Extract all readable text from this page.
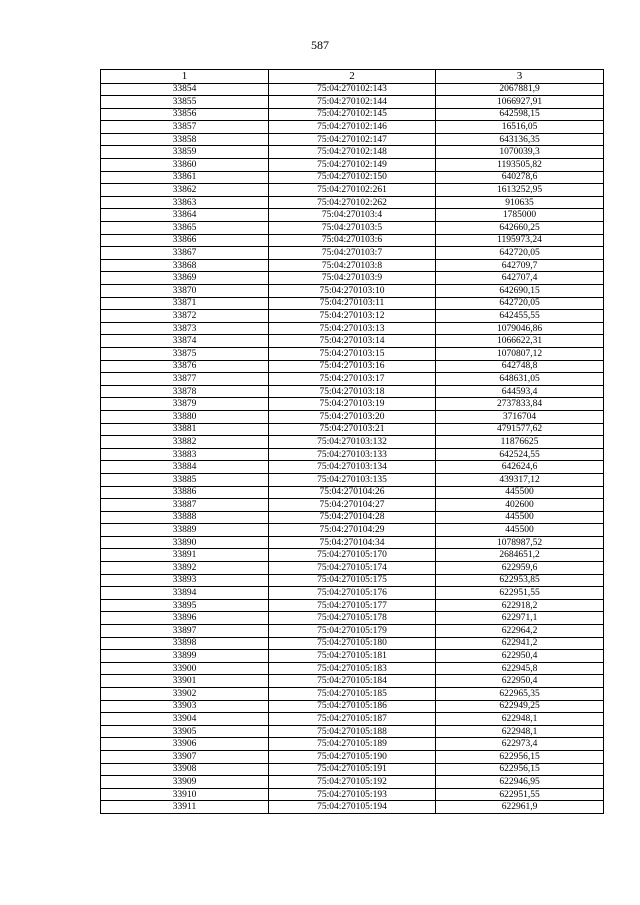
587
1	2	3
33854	75:04:270102:143	2067881,9
33855	75:04:270102:144	1066927,91
33856	75:04:270102:145	642598,15
33857	75:04:270102:146	16516,05
33858	75:04:270102:147	643136,35
33859	75:04:270102:148	1070039,3
33860	75:04:270102:149	1193505,82
33861	75:04:270102:150	640278,6
33862	75:04:270102:261	1613252,95
33863	75:04:270102:262	910635
33864	75:04:270103:4	1785000
33865	75:04:270103:5	642660,25
33866	75:04:270103:6	1195973,24
33867	75:04:270103:7	642720,05
33868	75:04:270103:8	642709,7
33869	75:04:270103:9	642707,4
33870	75:04:270103:10	642690,15
33871	75:04:270103:11	642720,05
33872	75:04:270103:12	642455,55
33873	75:04:270103:13	1079046,86
33874	75:04:270103:14	1066622,31
33875	75:04:270103:15	1070807,12
33876	75:04:270103:16	642748,8
33877	75:04:270103:17	648631,05
33878	75:04:270103:18	644593,4
33879	75:04:270103:19	2737833,84
33880	75:04:270103:20	3716704
33881	75:04:270103:21	4791577,62
33882	75:04:270103:132	11876625
33883	75:04:270103:133	642524,55
33884	75:04:270103:134	642624,6
33885	75:04:270103:135	439317,12
33886	75:04:270104:26	445500
33887	75:04:270104:27	402600
33888	75:04:270104:28	445500
33889	75:04:270104:29	445500
33890	75:04:270104:34	1078987,52
33891	75:04:270105:170	2684651,2
33892	75:04:270105:174	622959,6
33893	75:04:270105:175	622953,85
33894	75:04:270105:176	622951,55
33895	75:04:270105:177	622918,2
33896	75:04:270105:178	622971,1
33897	75:04:270105:179	622964,2
33898	75:04:270105:180	622941,2
33899	75:04:270105:181	622950,4
33900	75:04:270105:183	622945,8
33901	75:04:270105:184	622950,4
33902	75:04:270105:185	622965,35
33903	75:04:270105:186	622949,25
33904	75:04:270105:187	622948,1
33905	75:04:270105:188	622948,1
33906	75:04:270105:189	622973,4
33907	75:04:270105:190	622956,15
33908	75:04:270105:191	622956,15
33909	75:04:270105:192	622946,95
33910	75:04:270105:193	622951,55
33911	75:04:270105:194	622961,9
